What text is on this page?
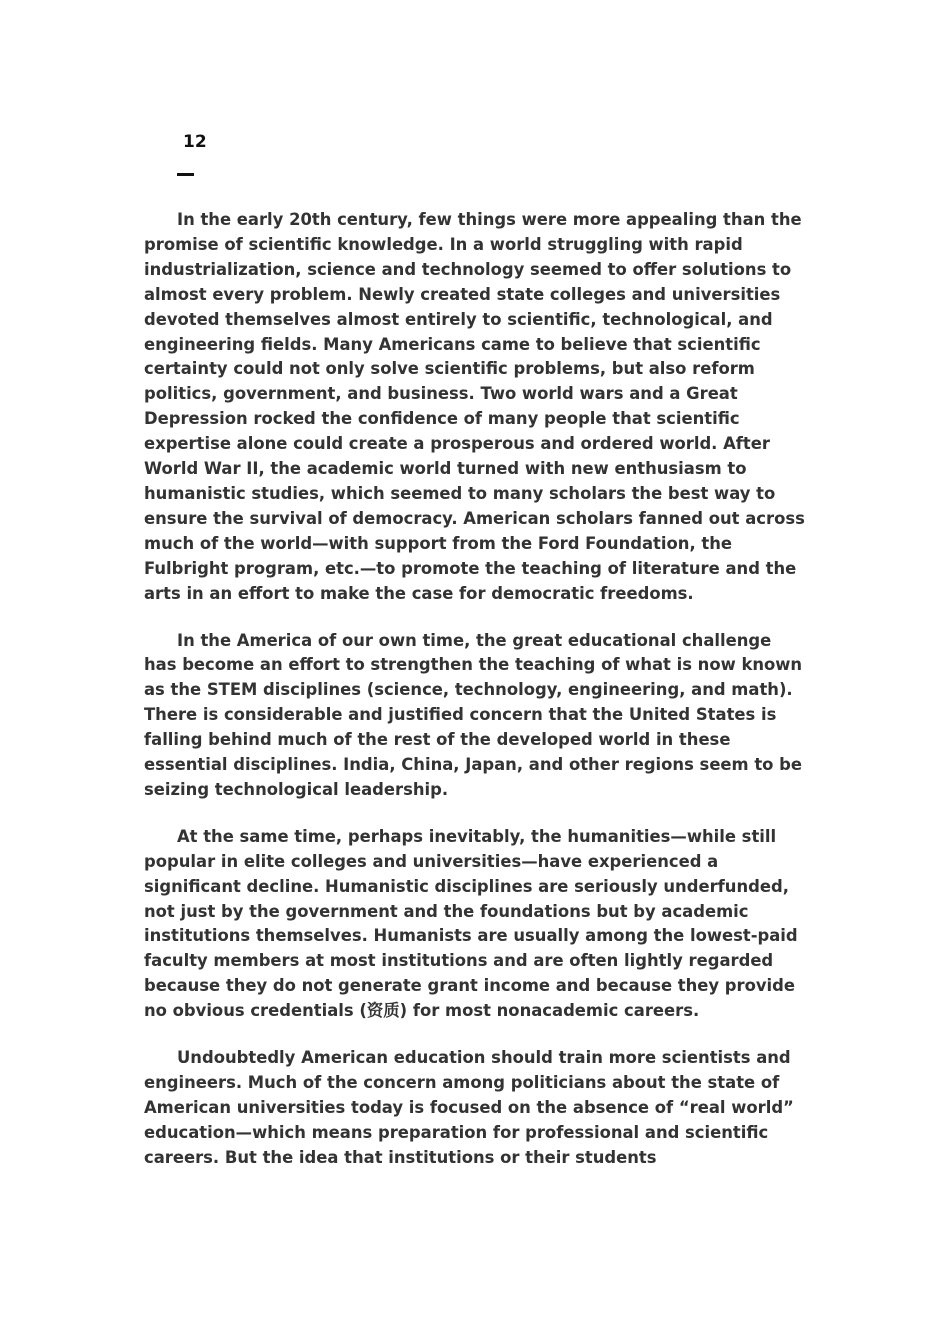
12

In the early 20th century, few things were more appealing than the promise of scientific knowledge. In a world struggling with rapid industrialization, science and technology seemed to offer solutions to almost every problem. Newly created state colleges and universities devoted themselves almost entirely to scientific, technological, and engineering fields. Many Americans came to believe that scientific certainty could not only solve scientific problems, but also reform politics, government, and business. Two world wars and a Great Depression rocked the confidence of many people that scientific expertise alone could create a prosperous and ordered world. After World War II, the academic world turned with new enthusiasm to humanistic studies, which seemed to many scholars the best way to ensure the survival of democracy. American scholars fanned out across much of the world—with support from the Ford Foundation, the Fulbright program, etc.—to promote the teaching of literature and the arts in an effort to make the case for democratic freedoms.

In the America of our own time, the great educational challenge has become an effort to strengthen the teaching of what is now known as the STEM disciplines (science, technology, engineering, and math). There is considerable and justified concern that the United States is falling behind much of the rest of the developed world in these essential disciplines. India, China, Japan, and other regions seem to be seizing technological leadership.

At the same time, perhaps inevitably, the humanities—while still popular in elite colleges and universities—have experienced a significant decline. Humanistic disciplines are seriously underfunded, not just by the government and the foundations but by academic institutions themselves. Humanists are usually among the lowest-paid faculty members at most institutions and are often lightly regarded because they do not generate grant income and because they provide no obvious credentials (资质) for most nonacademic careers.

Undoubtedly American education should train more scientists and engineers. Much of the concern among politicians about the state of American universities today is focused on the absence of “real world” education—which means preparation for professional and scientific careers. But the idea that institutions or their students
